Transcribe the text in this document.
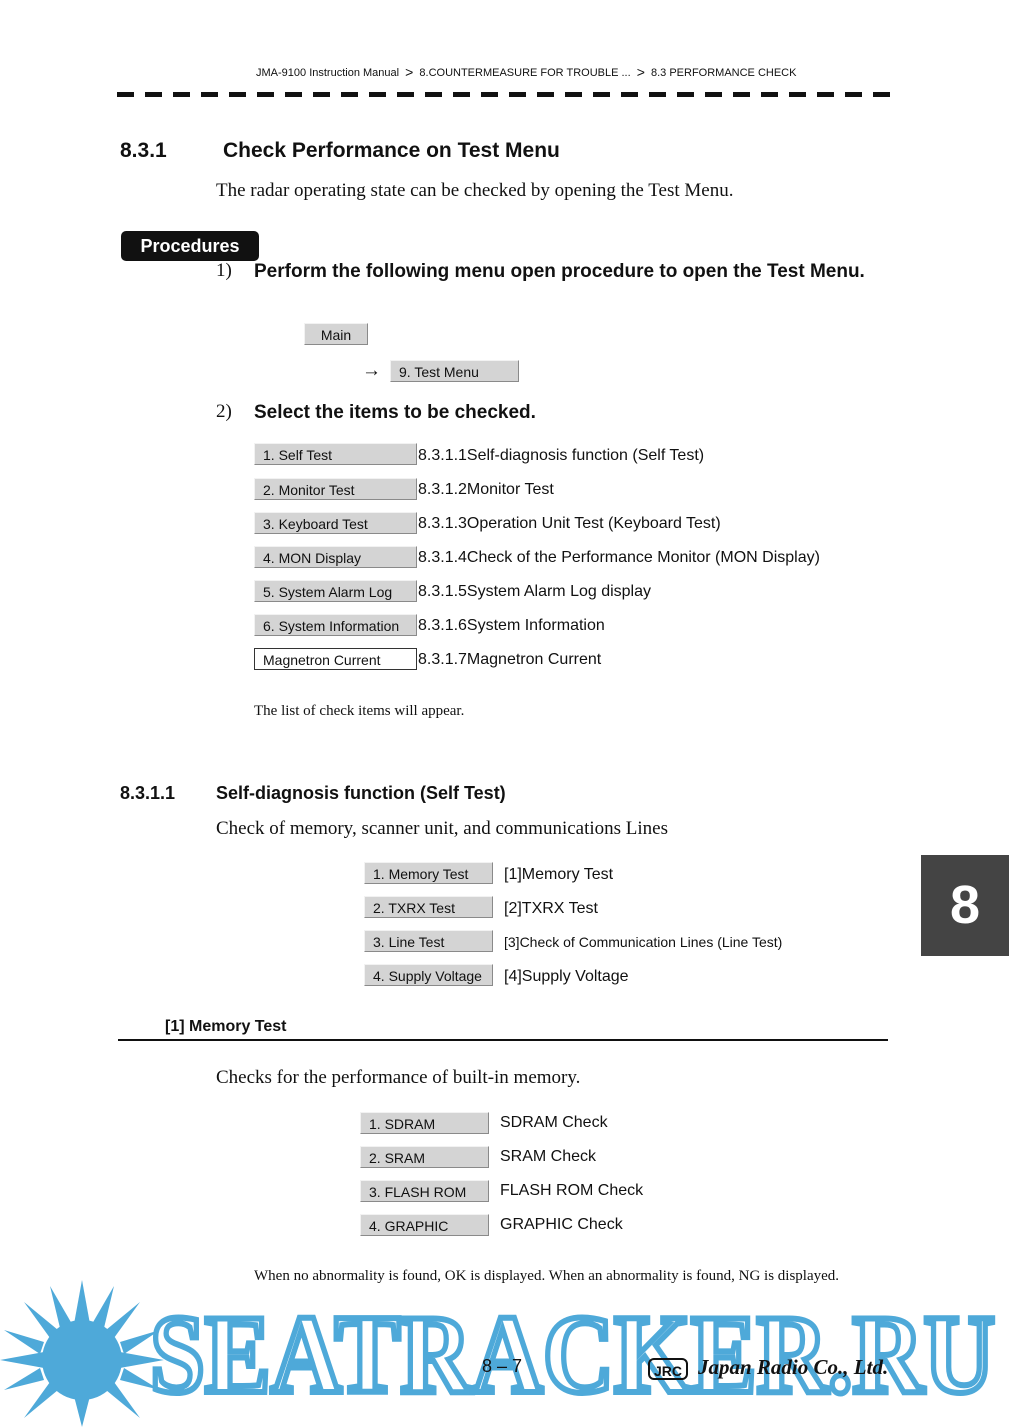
JMA-9100 Instruction Manual > 8.COUNTERMEASURE FOR TROUBLE ... > 8.3 PERFORMANCE CHECK
8.3.1	Check Performance on Test Menu
The radar operating state can be checked by opening the Test Menu.
Procedures
1) Perform the following menu open procedure to open the Test Menu.
Main
→	9. Test Menu
2) Select the items to be checked.
1. Self Test	8.3.1.1Self-diagnosis function (Self Test)
2. Monitor Test	8.3.1.2Monitor Test
3. Keyboard Test	8.3.1.3Operation Unit Test (Keyboard Test)
4. MON Display	8.3.1.4Check of the Performance Monitor (MON Display)
5. System Alarm Log	8.3.1.5System Alarm Log display
6. System Information	8.3.1.6System Information
Magnetron Current	8.3.1.7Magnetron Current
The list of check items will appear.
8.3.1.1 Self-diagnosis function (Self Test)
Check of memory, scanner unit, and communications Lines
1. Memory Test	[1]Memory Test
2. TXRX Test	[2]TXRX Test
3. Line Test	[3]Check of Communication Lines (Line Test)
4. Supply Voltage	[4]Supply Voltage
8
[1] Memory Test
Checks for the performance of built-in memory.
1. SDRAM	SDRAM Check
2. SRAM	SRAM Check
3. FLASH ROM	FLASH ROM Check
4. GRAPHIC	GRAPHIC Check
When no abnormality is found, OK is displayed. When an abnormality is found, NG is displayed.
SEATRACKER.RU
8 – 7	JRC Japan Radio Co., Ltd.
